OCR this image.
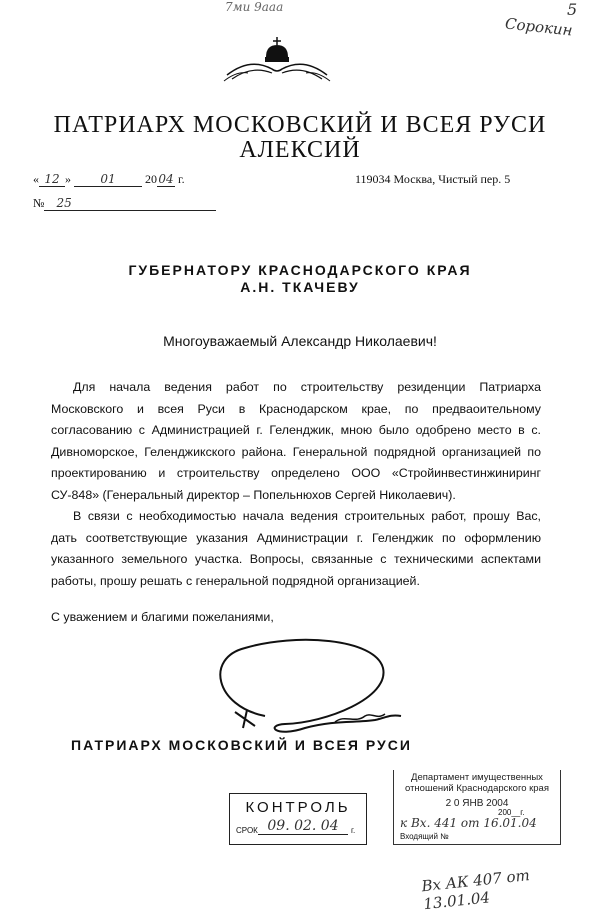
7ми 9ааа
Сорокин
5
ПАТРИАРХ МОСКОВСКИЙ И ВСЕЯ РУСИ
АЛЕКСИЙ
« 12 » 01 2004 г.	119034 Москва, Чистый пер. 5
№ 25
ГУБЕРНАТОРУ КРАСНОДАРСКОГО КРАЯ
А.Н. ТКАЧЕВУ
Многоуважаемый Александр Николаевич!
Для начала ведения работ по строительству резиденции Патриарха Московского и всея Руси в Краснодарском крае, по предваоительному согласованию с Администрацией г. Геленджик, мною было одобрено место в с. Дивноморское, Геленджикского района. Генеральной подрядной организацией по проектированию и строительству определено ООО «Стройинвестинжиниринг СУ-848» (Генеральный директор – Попельнюхов Сергей Николаевич).
В связи с необходимостью начала ведения строительных работ, прошу Вас, дать соответствующие указания Администрации г. Геленджик по оформлению указанного земельного участка. Вопросы, связанные с техническими аспектами работы, прошу решать с генеральной подрядной организацией.
С уважением и благими пожеланиями,
ПАТРИАРХ МОСКОВСКИЙ И ВСЕЯ РУСИ
КОНТРОЛЬ
СРОК 09. 02. 04	г.
Департамент имущественных
отношений Краснодарского края
2 0 ЯНВ 2004
200__г.
к Вх. 441 от 16.01.04
Входящий №
Вх АК 407 от 13.01.04
